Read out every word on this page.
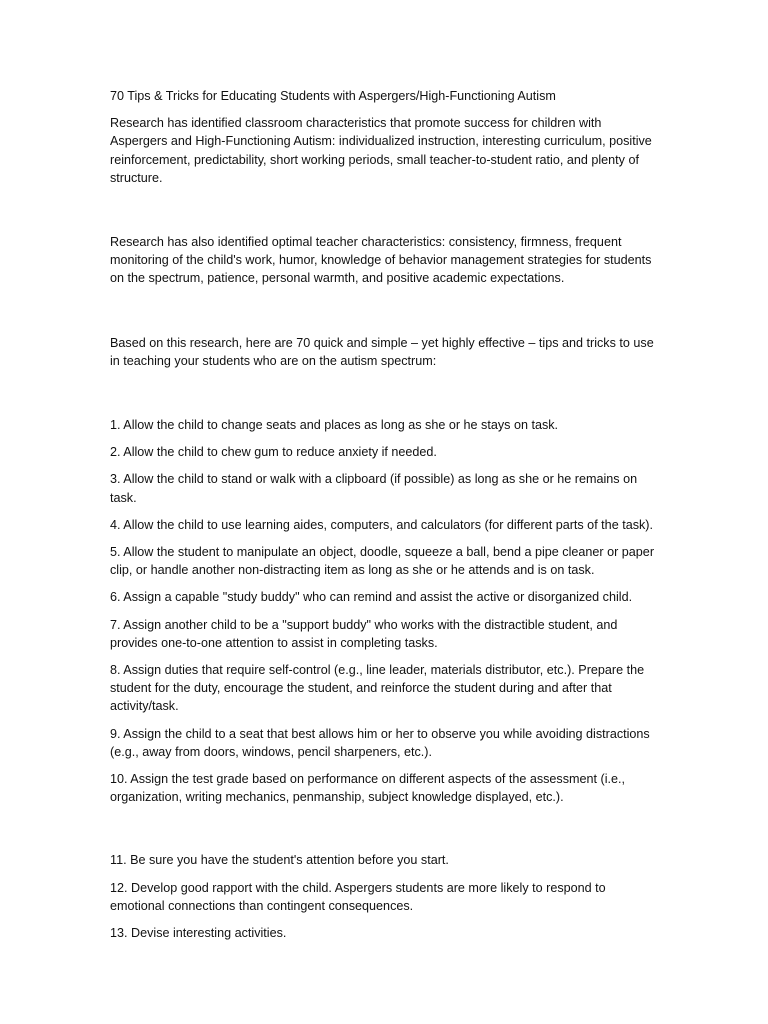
70 Tips & Tricks for Educating Students with Aspergers/High-Functioning Autism

Research has identified classroom characteristics that promote success for children with Aspergers and High-Functioning Autism: individualized instruction, interesting curriculum, positive reinforcement, predictability, short working periods, small teacher-to-student ratio, and plenty of structure.

Research has also identified optimal teacher characteristics: consistency, firmness, frequent monitoring of the child's work, humor, knowledge of behavior management strategies for students on the spectrum, patience, personal warmth, and positive academic expectations.

Based on this research, here are 70 quick and simple – yet highly effective – tips and tricks to use in teaching your students who are on the autism spectrum:

1. Allow the child to change seats and places as long as she or he stays on task.

2. Allow the child to chew gum to reduce anxiety if needed.

3. Allow the child to stand or walk with a clipboard (if possible) as long as she or he remains on task.

4. Allow the child to use learning aides, computers, and calculators (for different parts of the task).

5. Allow the student to manipulate an object, doodle, squeeze a ball, bend a pipe cleaner or paper clip, or handle another non-distracting item as long as she or he attends and is on task.

6. Assign a capable "study buddy" who can remind and assist the active or disorganized child.

7. Assign another child to be a "support buddy" who works with the distractible student, and provides one-to-one attention to assist in completing tasks.

8. Assign duties that require self-control (e.g., line leader, materials distributor, etc.). Prepare the student for the duty, encourage the student, and reinforce the student during and after that activity/task.

9. Assign the child to a seat that best allows him or her to observe you while avoiding distractions (e.g., away from doors, windows, pencil sharpeners, etc.).

10. Assign the test grade based on performance on different aspects of the assessment (i.e., organization, writing mechanics, penmanship, subject knowledge displayed, etc.).

11. Be sure you have the student's attention before you start.

12. Develop good rapport with the child. Aspergers students are more likely to respond to emotional connections than contingent consequences.

13. Devise interesting activities.
